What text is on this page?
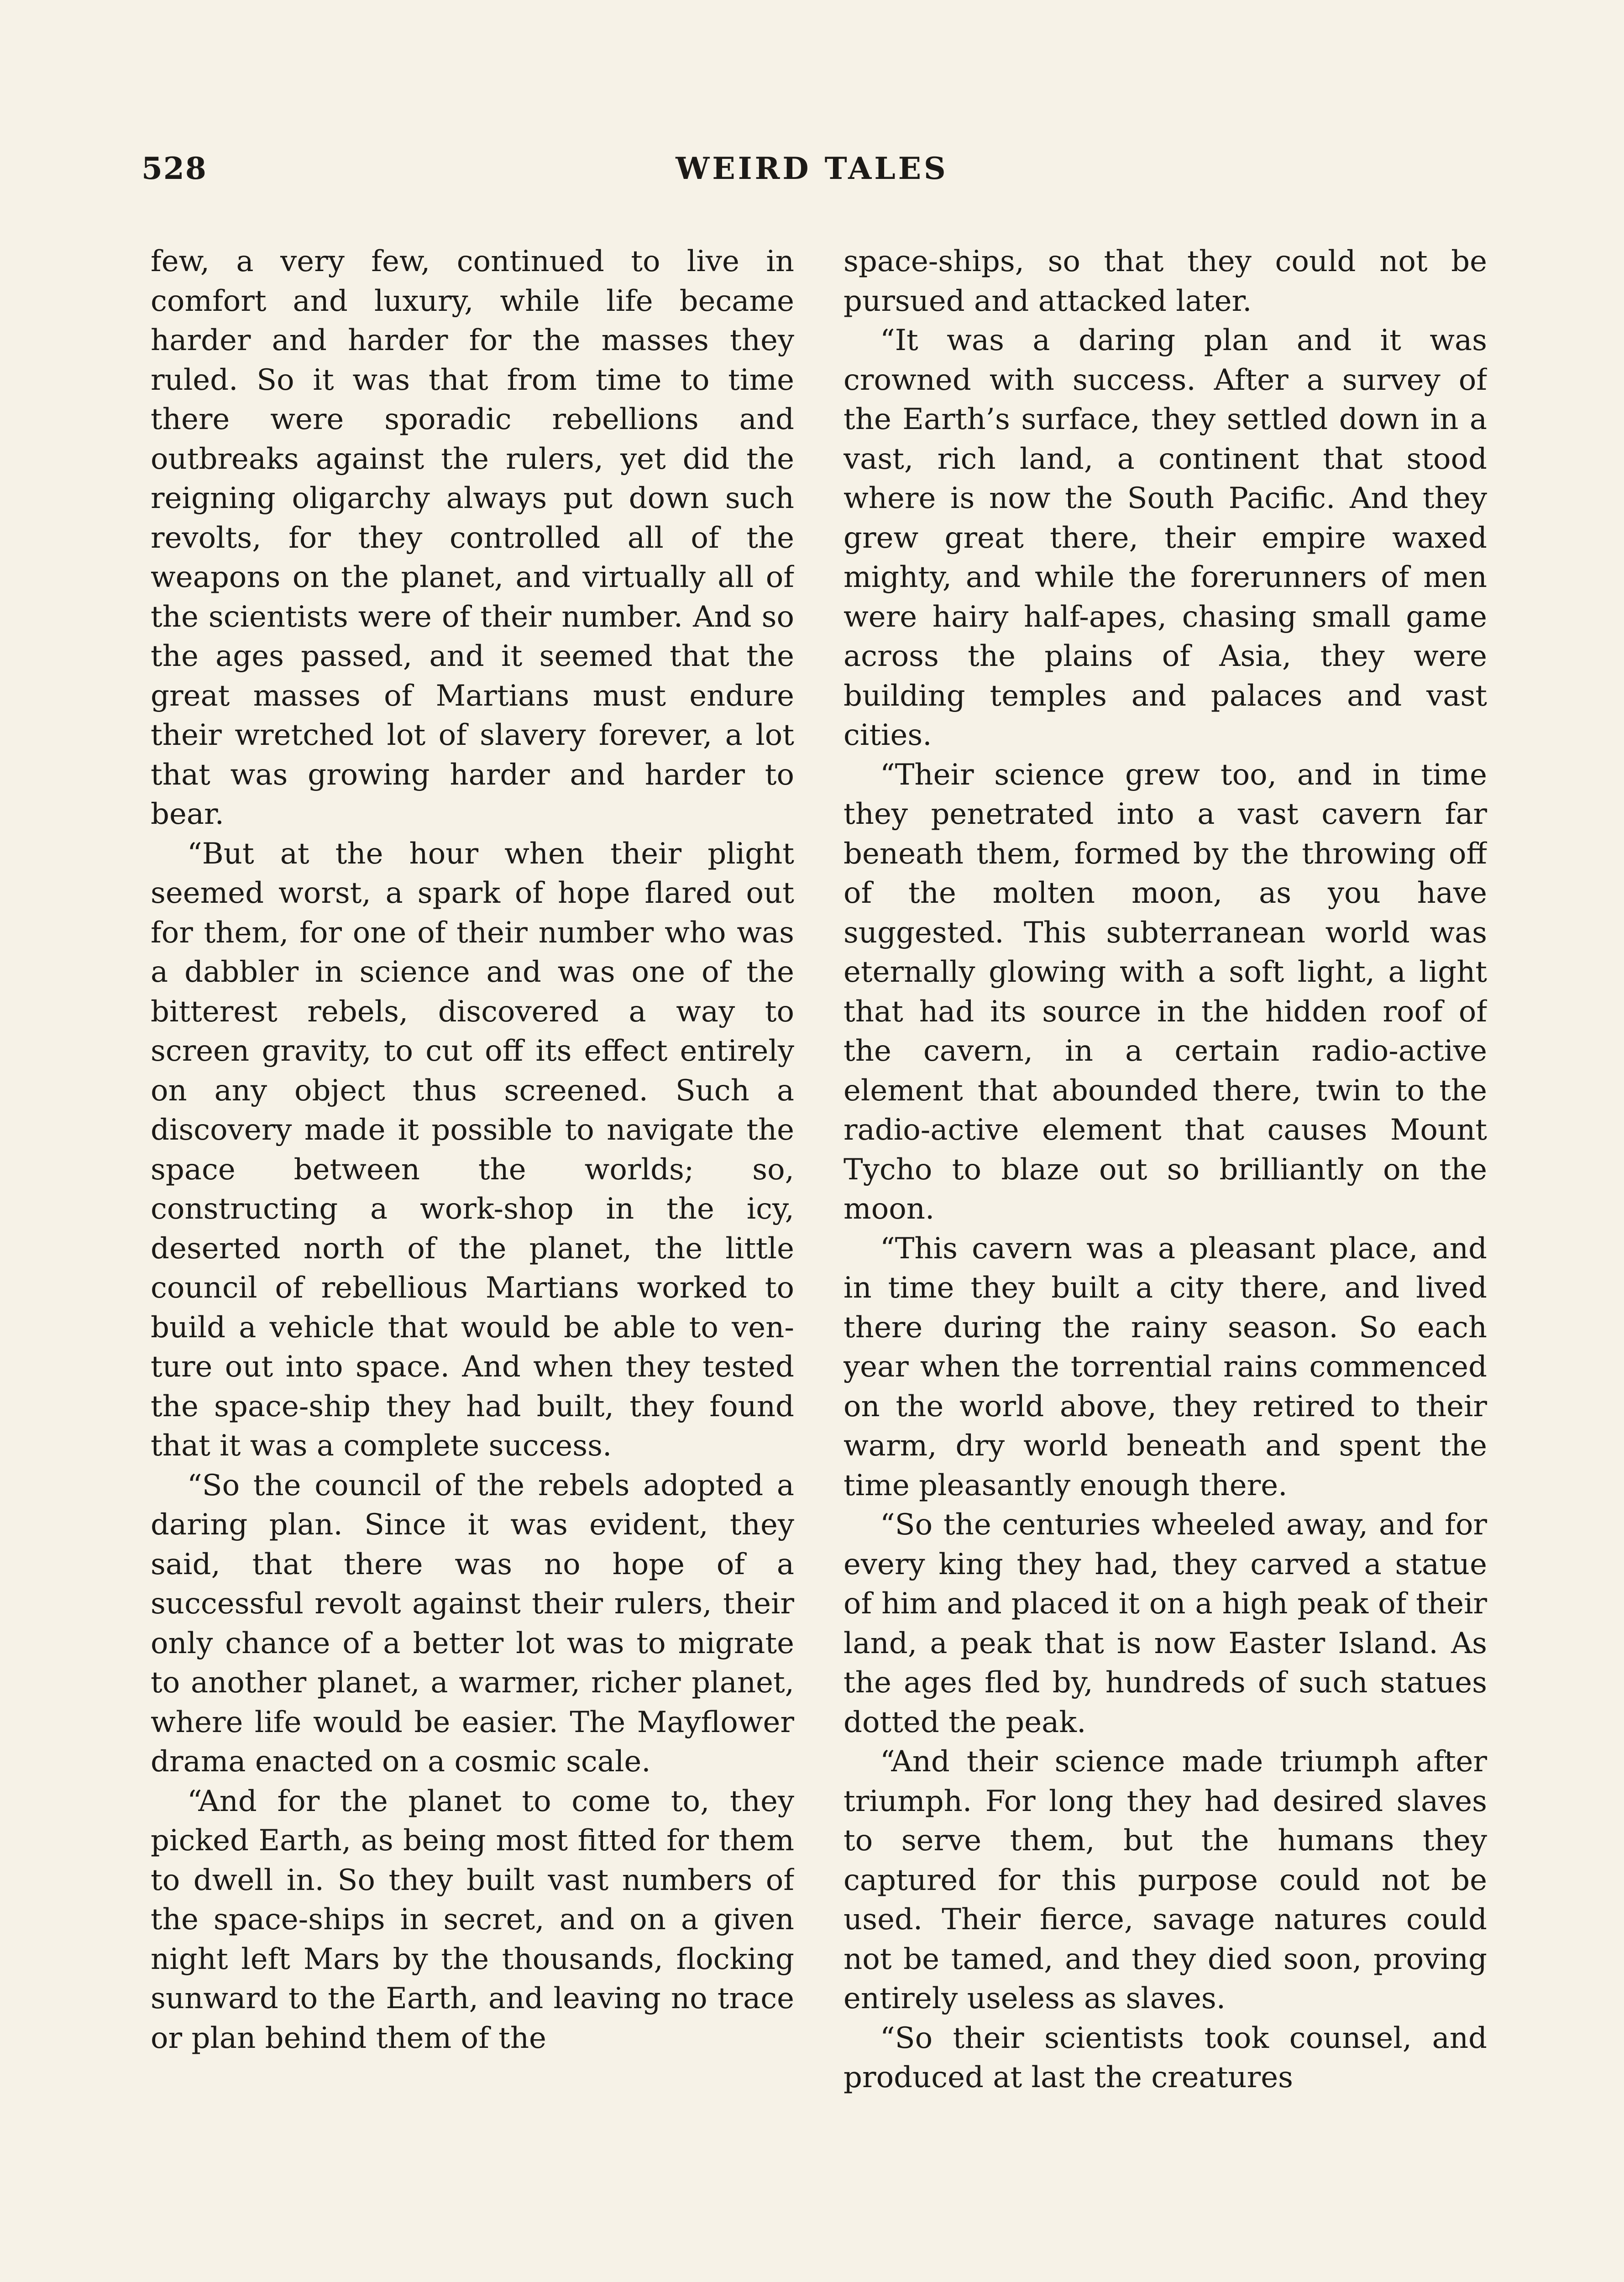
528	WEIRD TALES

few, a very few, continued to live in comfort and luxury, while life became harder and harder for the masses they ruled. So it was that from time to time there were sporadic rebellions and outbreaks against the rulers, yet did the reigning oligarchy always put down such revolts, for they controlled all of the weapons on the planet, and virtually all of the scientists were of their number. And so the ages passed, and it seemed that the great masses of Martians must endure their wretched lot of slavery forever, a lot that was growing harder and harder to bear.

“But at the hour when their plight seemed worst, a spark of hope flared out for them, for one of their number who was a dabbler in science and was one of the bitterest rebels, discovered a way to screen gravity, to cut off its effect entirely on any object thus screened. Such a discovery made it possible to navigate the space between the worlds; so, constructing a work-shop in the icy, deserted north of the planet, the little council of rebellious Martians worked to build a vehicle that would be able to venture out into space. And when they tested the space-ship they had built, they found that it was a complete success.

“So the council of the rebels adopted a daring plan. Since it was evident, they said, that there was no hope of a successful revolt against their rulers, their only chance of a better lot was to migrate to another planet, a warmer, richer planet, where life would be easier. The Mayflower drama enacted on a cosmic scale.

“And for the planet to come to, they picked Earth, as being most fitted for them to dwell in. So they built vast numbers of the space-ships in secret, and on a given night left Mars by the thousands, flocking sunward to the Earth, and leaving no trace or plan behind them of the

space-ships, so that they could not be pursued and attacked later.

“It was a daring plan and it was crowned with success. After a survey of the Earth’s surface, they settled down in a vast, rich land, a continent that stood where is now the South Pacific. And they grew great there, their empire waxed mighty, and while the forerunners of men were hairy half-apes, chasing small game across the plains of Asia, they were building temples and palaces and vast cities.

“Their science grew too, and in time they penetrated into a vast cavern far beneath them, formed by the throwing off of the molten moon, as you have suggested. This subterranean world was eternally glowing with a soft light, a light that had its source in the hidden roof of the cavern, in a certain radio-active element that abounded there, twin to the radio-active element that causes Mount Tycho to blaze out so brilliantly on the moon.

“This cavern was a pleasant place, and in time they built a city there, and lived there during the rainy season. So each year when the torrential rains commenced on the world above, they retired to their warm, dry world beneath and spent the time pleasantly enough there.

“So the centuries wheeled away, and for every king they had, they carved a statue of him and placed it on a high peak of their land, a peak that is now Easter Island. As the ages fled by, hundreds of such statues dotted the peak.

“And their science made triumph after triumph. For long they had desired slaves to serve them, but the humans they captured for this purpose could not be used. Their fierce, savage natures could not be tamed, and they died soon, proving entirely useless as slaves.

“So their scientists took counsel, and produced at last the creatures
